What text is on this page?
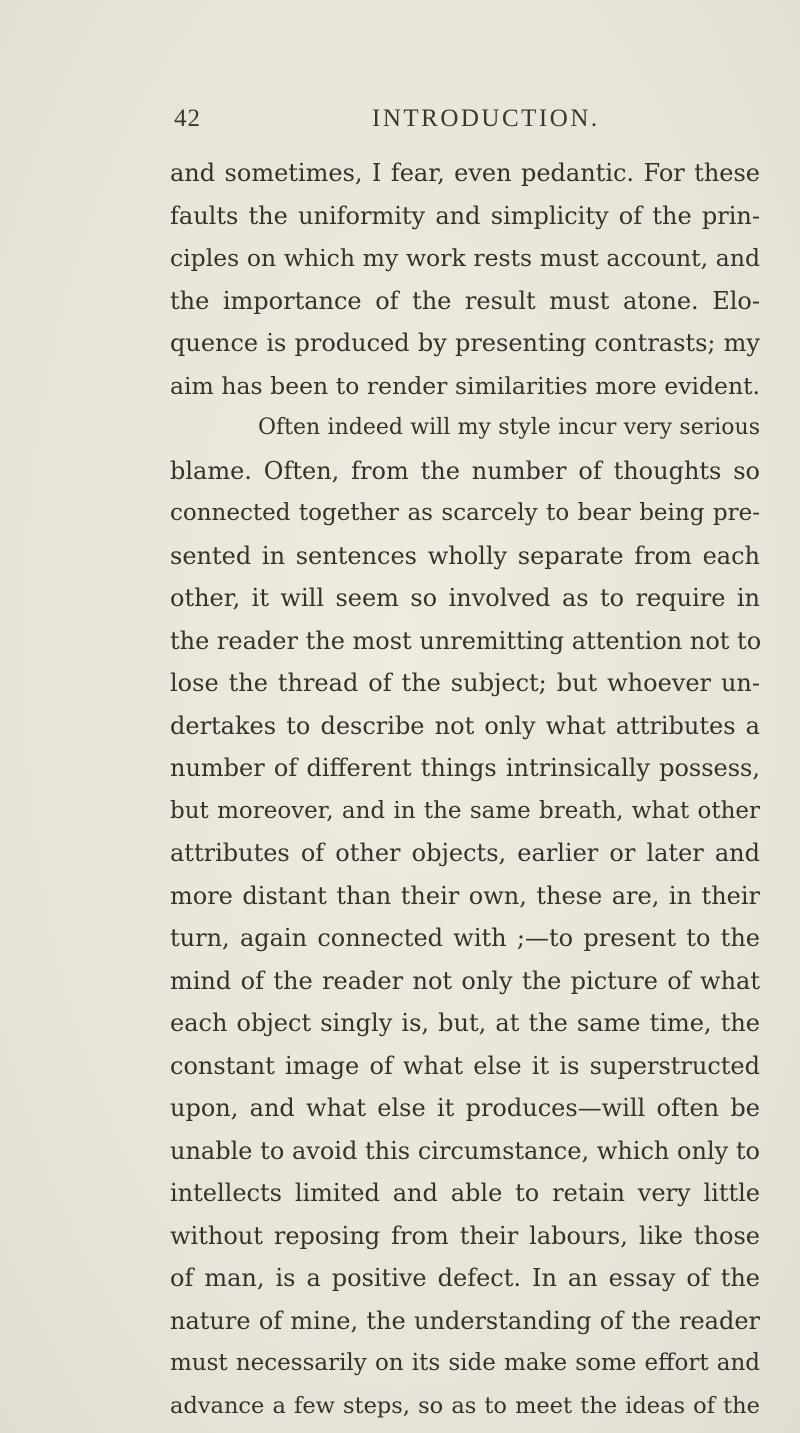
42	INTRODUCTION.
and sometimes, I fear, even pedantic. For these
faults the uniformity and simplicity of the prin-
ciples on which my work rests must account, and
the importance of the result must atone. Elo-
quence is produced by presenting contrasts; my
aim has been to render similarities more evident.
Often indeed will my style incur very serious
blame. Often, from the number of thoughts so
connected together as scarcely to bear being pre-
sented in sentences wholly separate from each
other, it will seem so involved as to require in
the reader the most unremitting attention not to
lose the thread of the subject; but whoever un-
dertakes to describe not only what attributes a
number of different things intrinsically possess,
but moreover, and in the same breath, what other
attributes of other objects, earlier or later and
more distant than their own, these are, in their
turn, again connected with ;—to present to the
mind of the reader not only the picture of what
each object singly is, but, at the same time, the
constant image of what else it is superstructed
upon, and what else it produces—will often be
unable to avoid this circumstance, which only to
intellects limited and able to retain very little
without reposing from their labours, like those
of man, is a positive defect. In an essay of the
nature of mine, the understanding of the reader
must necessarily on its side make some effort and
advance a few steps, so as to meet the ideas of the
